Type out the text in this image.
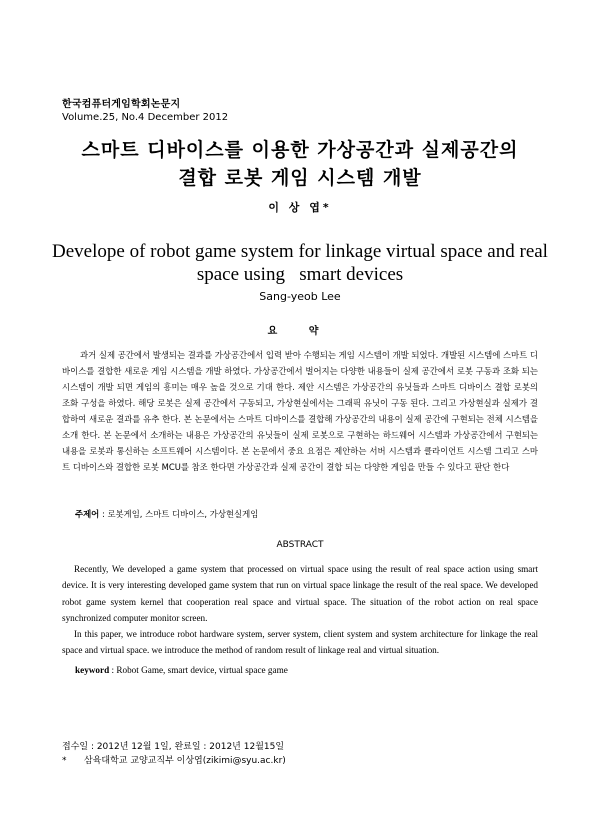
한국컴퓨터게임학회논문지
Volume.25, No.4 December 2012
스마트 디바이스를 이용한 가상공간과 실제공간의
결합 로봇 게임 시스템 개발
이 상 엽*
Develope of robot game system for linkage virtual space and real
space using   smart devices
Sang-yeob Lee
요 약
과거 실제 공간에서 발생되는 결과를 가상공간에서 입력 받아 수행되는 게임 시스템이 개발 되었다. 개발된 시스템에 스마트 디바이스를 결합한 새로운 게임 시스템을 개발 하였다. 가상공간에서 벌어지는 다양한 내용들이 실제 공간에서 로봇 구동과 조화 되는 시스템이 개발 되면 게임의 흥미는 매우 높을 것으로 기대 한다. 제안 시스템은 가상공간의 유닛들과 스마트 디바이스 결합 로봇의 조화 구성을 하였다. 해당 로봇은 실제 공간에서 구동되고, 가상현실에서는 그래픽 유닛이 구동 된다. 그리고 가상현실과 실제가 결합하여 새로운 결과를 유추 한다. 본 논문에서는 스마트 디바이스를 결합해 가상공간의 내용이 실제 공간에 구현되는 전체 시스템을 소개 한다. 본 논문에서 소개하는 내용은 가상공간의 유닛들이 실제 로봇으로 구현하는 하드웨어 시스템과 가상공간에서 구현되는 내용을 로봇과 통신하는 소프트웨어 시스템이다. 본 논문에서 중요 요점은 제안하는 서버 시스템과 클라이언트 시스템 그리고 스마트 디바이스와 결합한 로봇 MCU를 참조 한다면 가상공간과 실제 공간이 결합 되는 다양한 게임을 만들 수 있다고 판단 한다
주제어 : 로봇게임, 스마트 디바이스, 가상현실게임
ABSTRACT

Recently, We developed a game system that processed on virtual space using the result of real space action using smart device. It is very interesting developed game system that run on virtual space linkage the result of the real space. We developed robot game system kernel that cooperation real space and virtual space. The situation of the robot action on real space synchronized computer monitor screen.

In this paper, we introduce robot hardware system, server system, client system and system architecture for linkage the real space and virtual space. we introduce the method of random result of linkage real and virtual situation.

keyword : Robot Game, smart device, virtual space game
접수일 : 2012년 12월 1일, 완료일 : 2012년 12월15일
* 삼육대학교 교양교직부 이상엽(zikimi@syu.ac.kr)
